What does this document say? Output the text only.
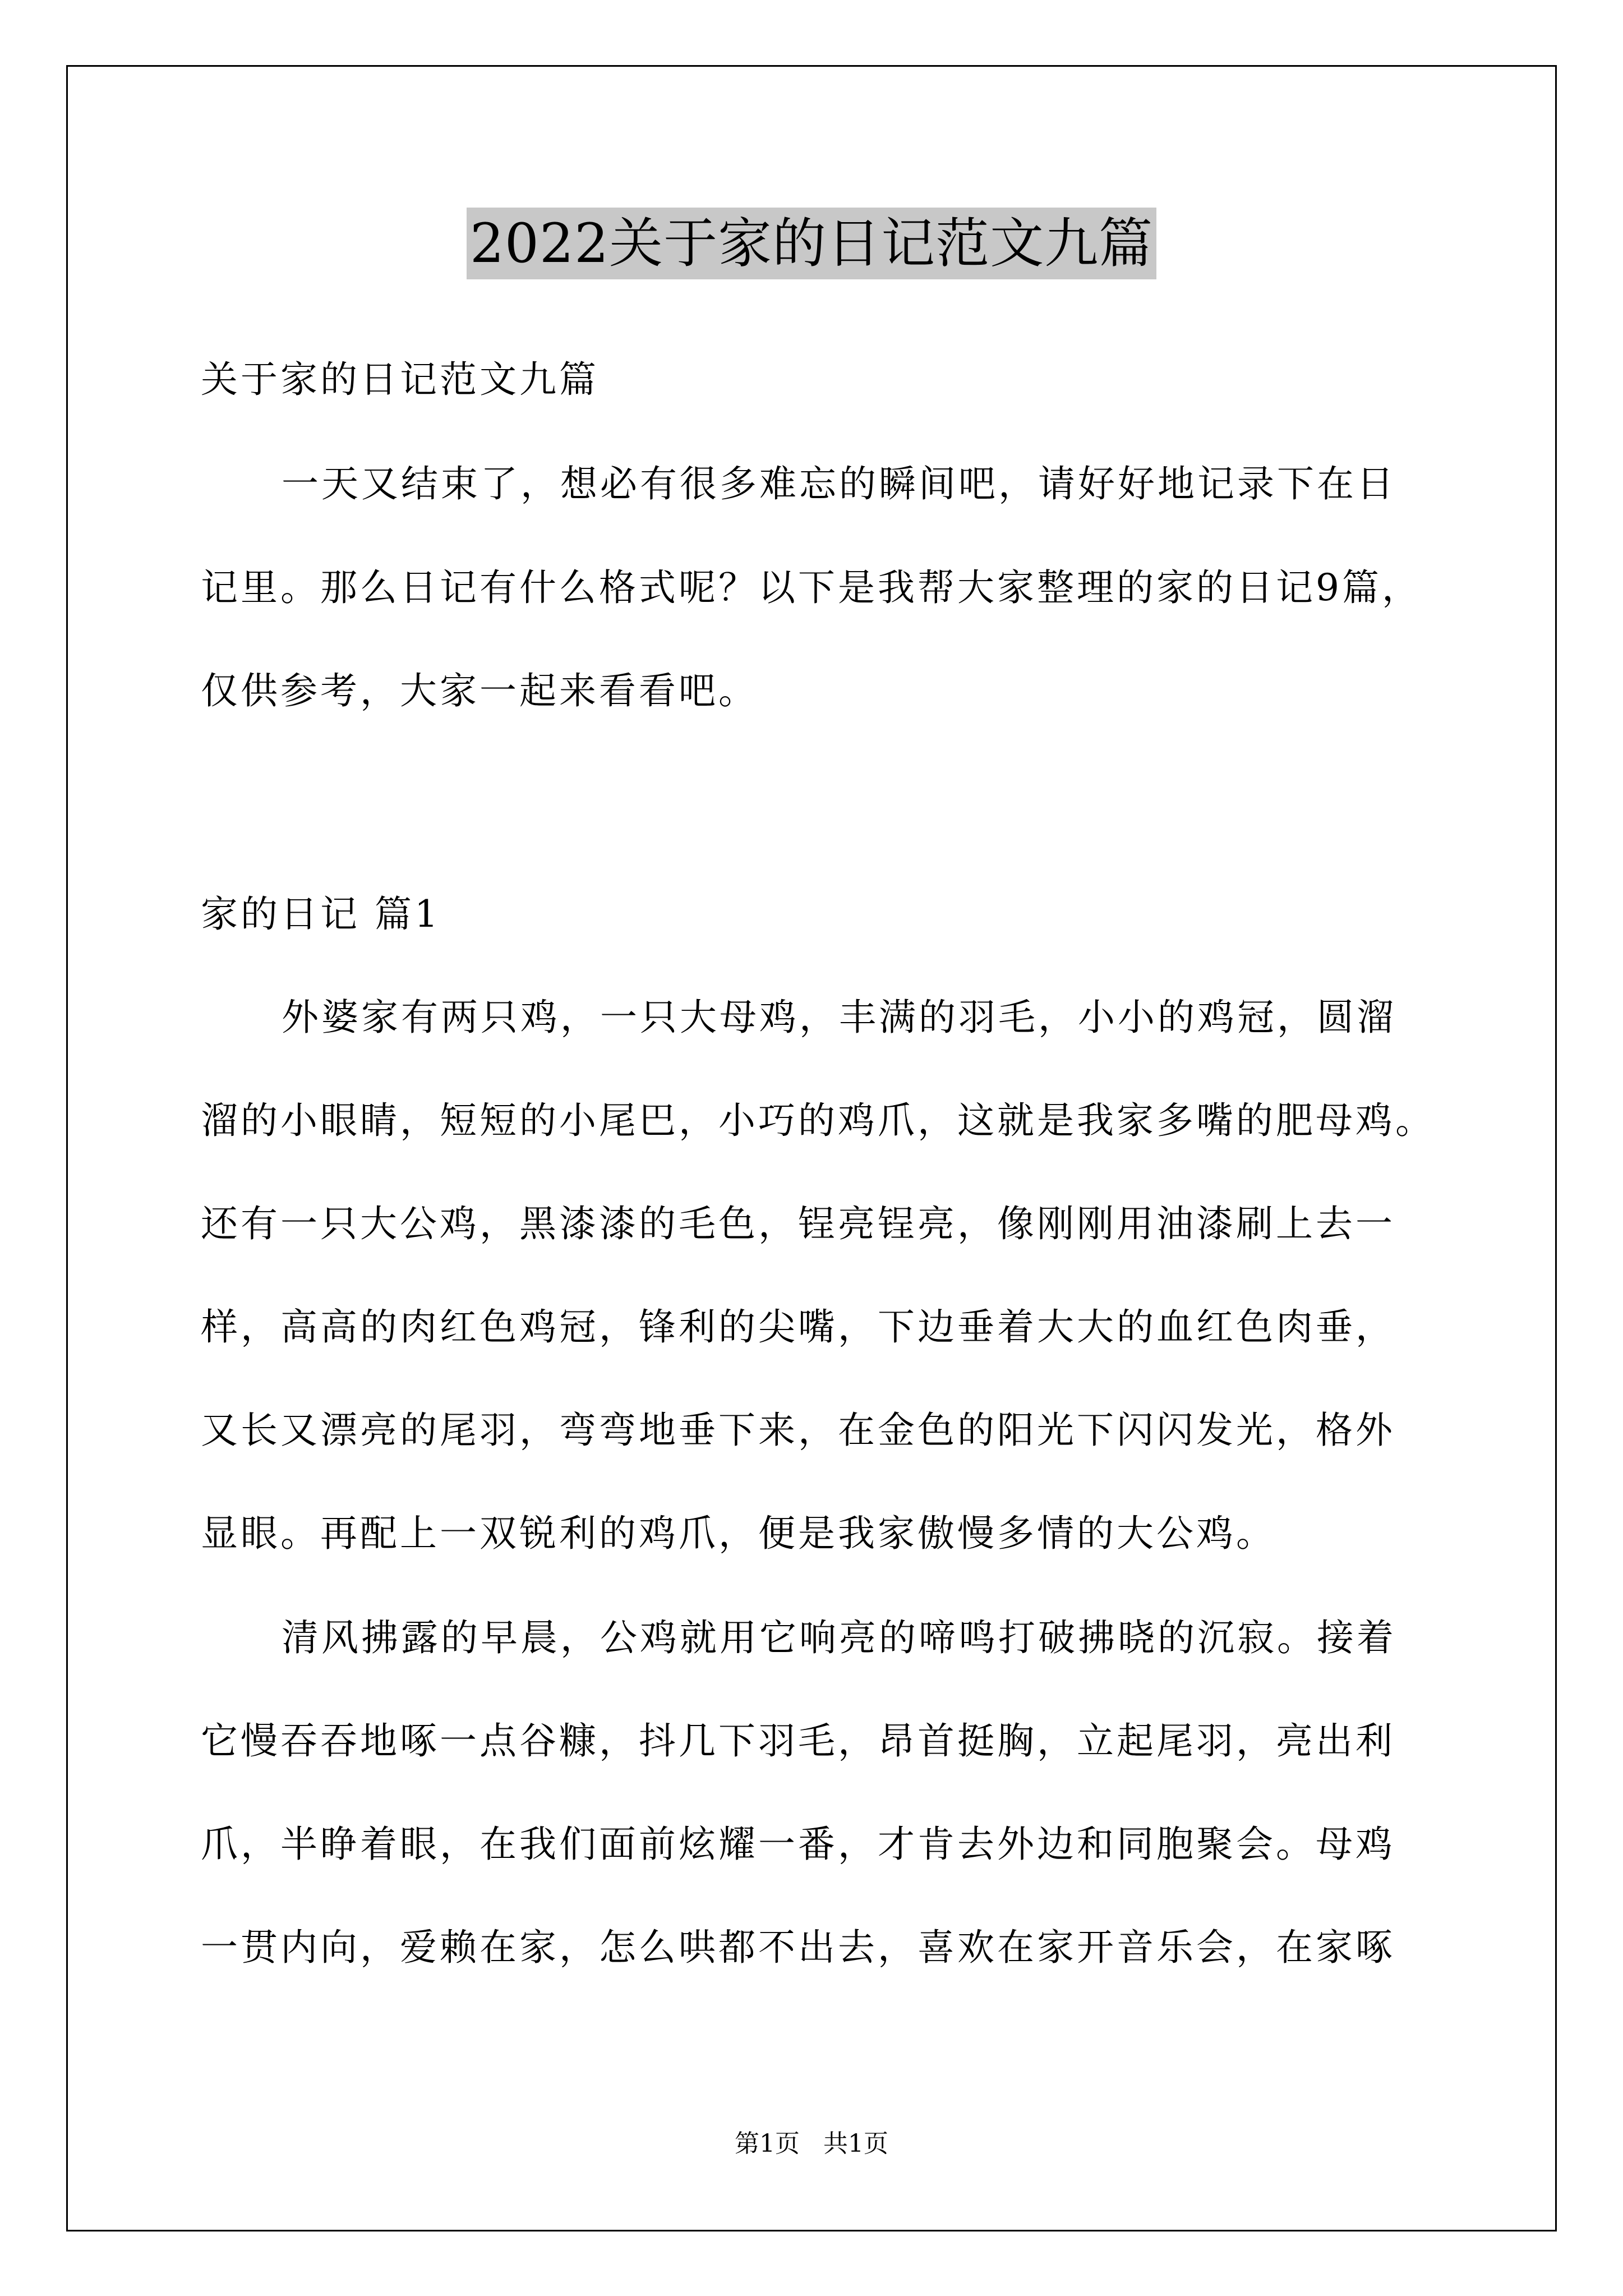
2022关于家的日记范文九篇
关于家的日记范文九篇
一天又结束了，想必有很多难忘的瞬间吧，请好好地记录下在日
记里。那么日记有什么格式呢？以下是我帮大家整理的家的日记9篇，
仅供参考，大家一起来看看吧。
家的日记 篇1
外婆家有两只鸡，一只大母鸡，丰满的羽毛，小小的鸡冠，圆溜
溜的小眼睛，短短的小尾巴，小巧的鸡爪，这就是我家多嘴的肥母鸡。
还有一只大公鸡，黑漆漆的毛色，锃亮锃亮，像刚刚用油漆刷上去一
样，高高的肉红色鸡冠，锋利的尖嘴，下边垂着大大的血红色肉垂，
又长又漂亮的尾羽，弯弯地垂下来，在金色的阳光下闪闪发光，格外
显眼。再配上一双锐利的鸡爪，便是我家傲慢多情的大公鸡。
清风拂露的早晨，公鸡就用它响亮的啼鸣打破拂晓的沉寂。接着
它慢吞吞地啄一点谷糠，抖几下羽毛，昂首挺胸，立起尾羽，亮出利
爪，半睁着眼，在我们面前炫耀一番，才肯去外边和同胞聚会。母鸡
一贯内向，爱赖在家，怎么哄都不出去，喜欢在家开音乐会，在家啄
第1页 共1页
